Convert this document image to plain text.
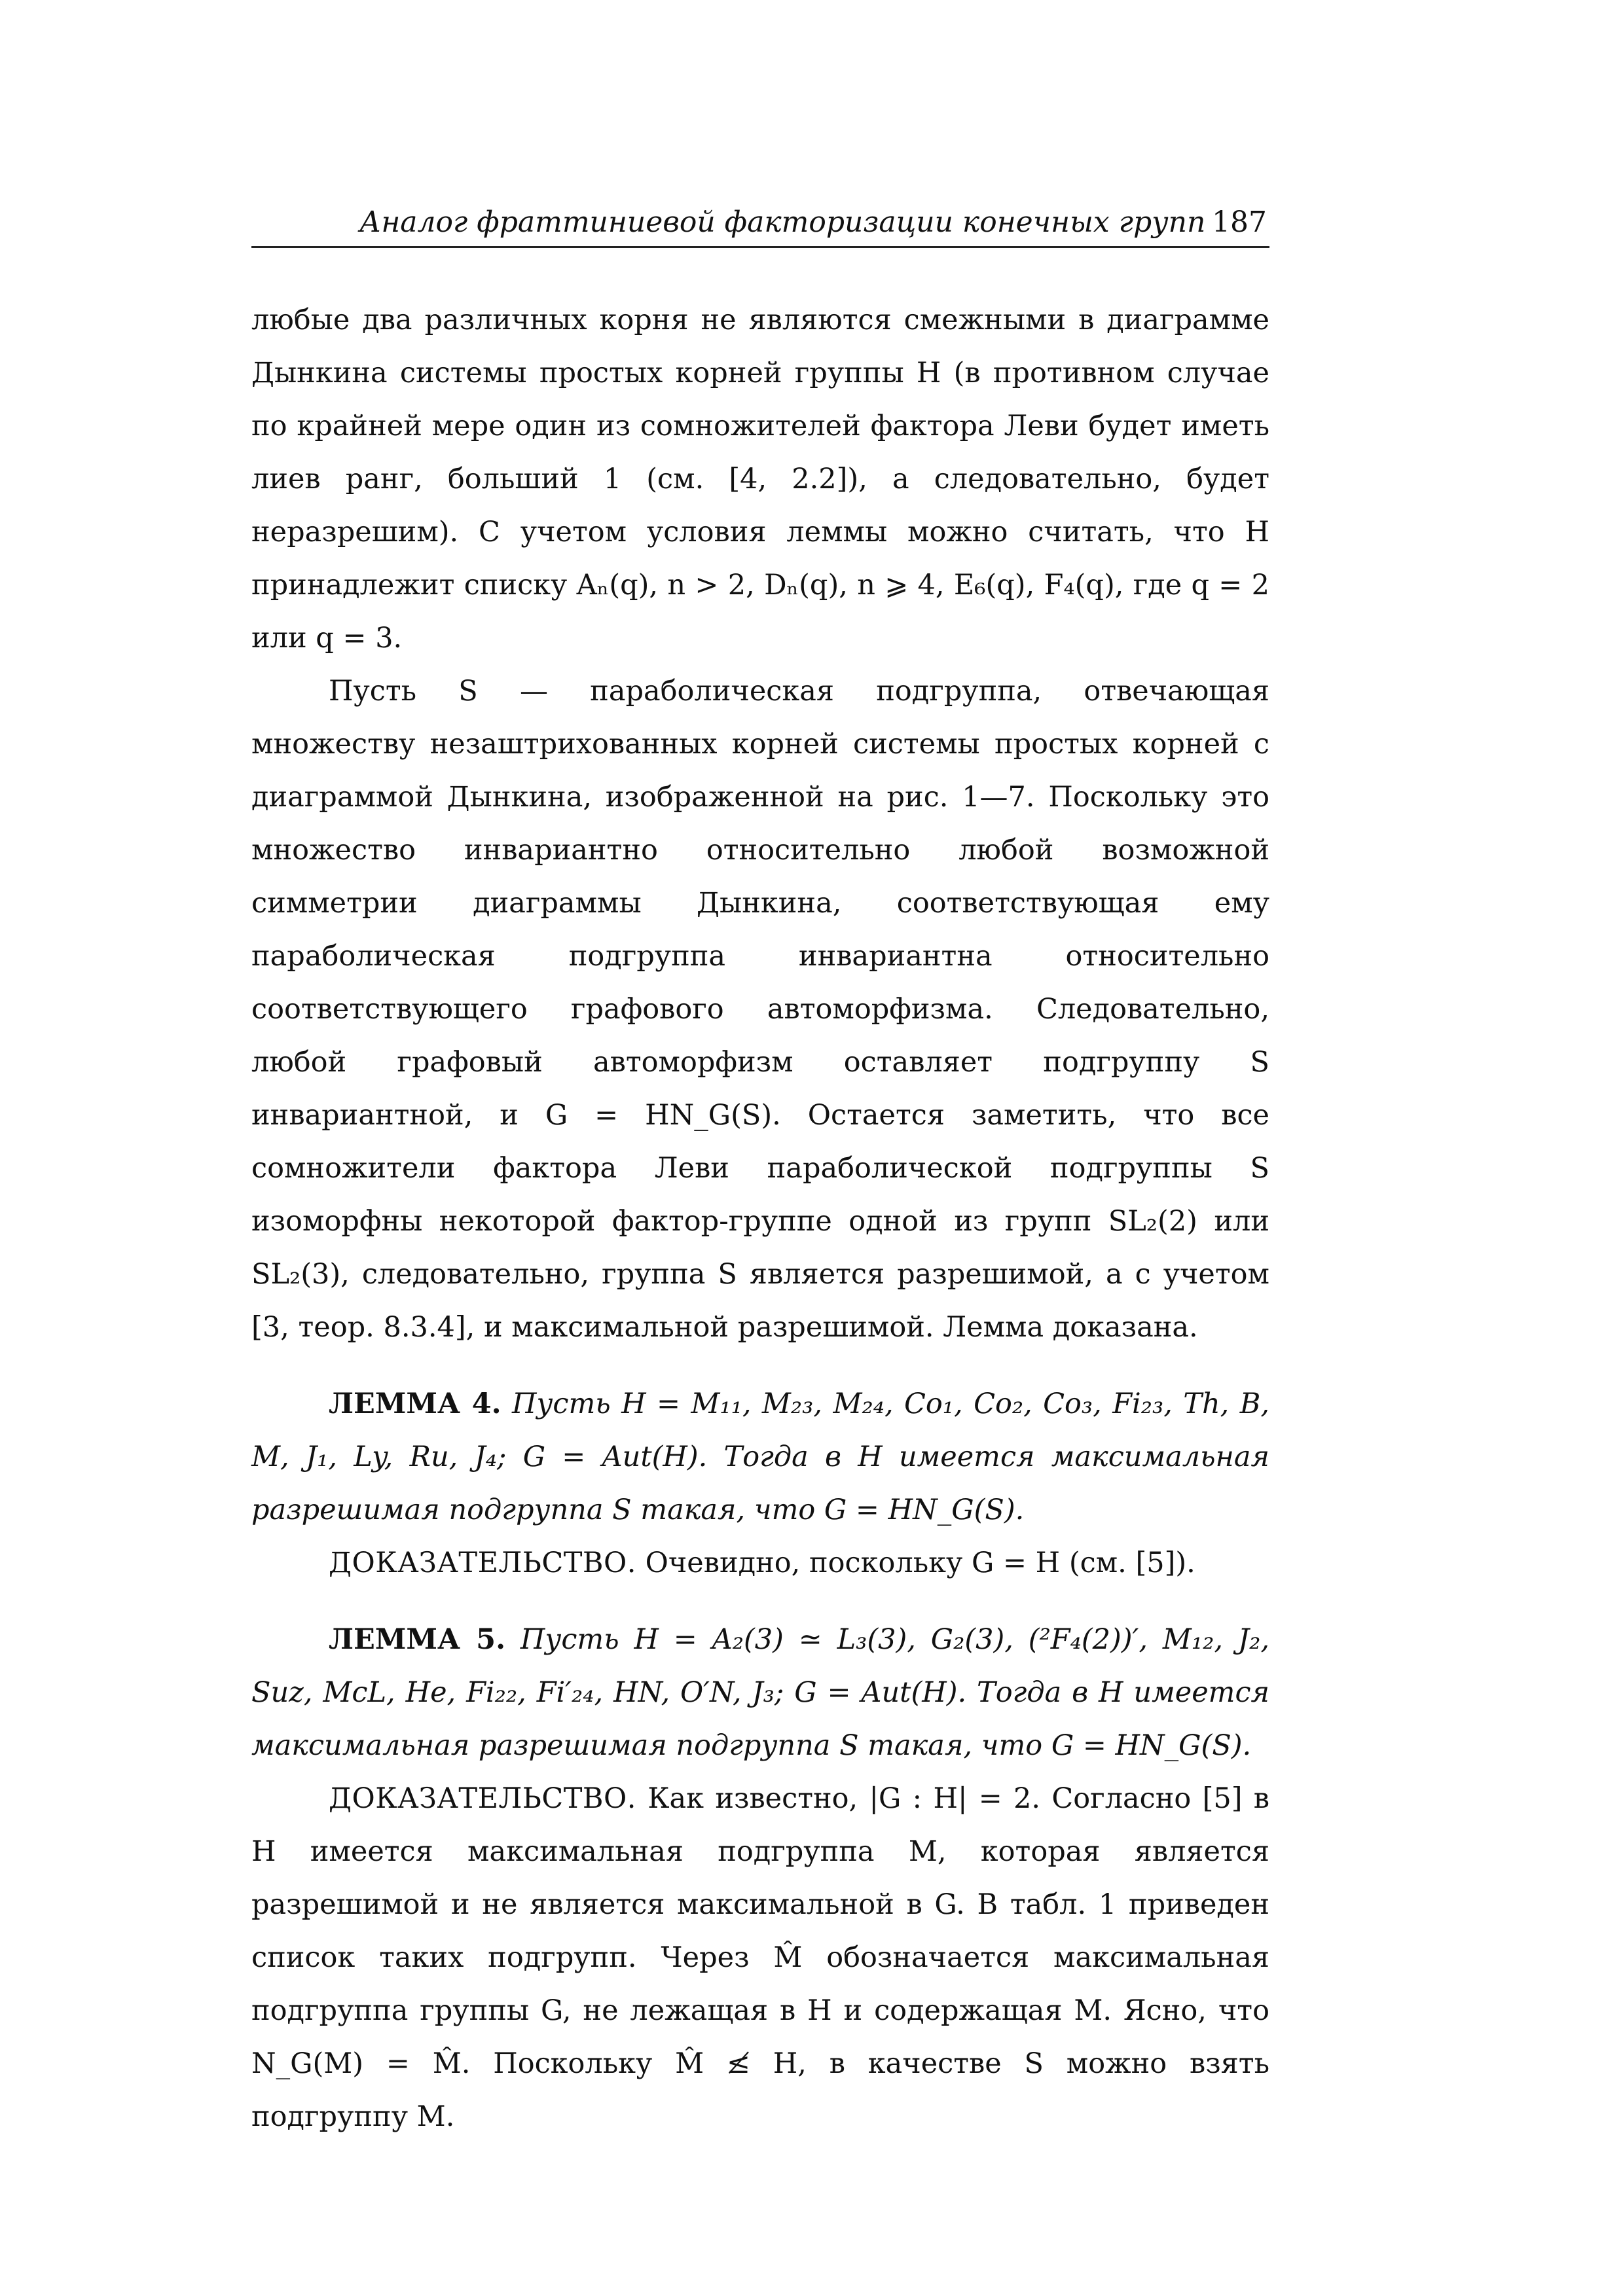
Аналог фраттиниевой факторизации конечных групп 187

любые два различных корня не являются смежными в диаграмме Дынкина системы простых корней группы H (в противном случае по крайней мере один из сомножителей фактора Леви будет иметь лиев ранг, больший 1 (см. [4, 2.2]), а следовательно, будет неразрешим). С учетом условия леммы можно считать, что H принадлежит списку Aₙ(q), n > 2, Dₙ(q), n ⩾ 4, E₆(q), F₄(q), где q = 2 или q = 3.

Пусть S — параболическая подгруппа, отвечающая множеству незаштрихованных корней системы простых корней с диаграммой Дынкина, изображенной на рис. 1—7. Поскольку это множество инвариантно относительно любой возможной симметрии диаграммы Дынкина, соответствующая ему параболическая подгруппа инвариантна относительно соответствующего графового автоморфизма. Следовательно, любой графовый автоморфизм оставляет подгруппу S инвариантной, и G = HN_G(S). Остается заметить, что все сомножители фактора Леви параболической подгруппы S изоморфны некоторой фактор-группе одной из групп SL₂(2) или SL₂(3), следовательно, группа S является разрешимой, а с учетом [3, теор. 8.3.4], и максимальной разрешимой. Лемма доказана.

ЛЕММА 4. Пусть H = M₁₁, M₂₃, M₂₄, Co₁, Co₂, Co₃, Fi₂₃, Th, B, M, J₁, Ly, Ru, J₄; G = Aut(H). Тогда в H имеется максимальная разрешимая подгруппа S такая, что G = HN_G(S).

ДОКАЗАТЕЛЬСТВО. Очевидно, поскольку G = H (см. [5]).

ЛЕММА 5. Пусть H = A₂(3) ≃ L₃(3), G₂(3), (²F₄(2))′, M₁₂, J₂, Suz, McL, He, Fi₂₂, Fi′₂₄, HN, O′N, J₃; G = Aut(H). Тогда в H имеется максимальная разрешимая подгруппа S такая, что G = HN_G(S).

ДОКАЗАТЕЛЬСТВО. Как известно, |G : H| = 2. Согласно [5] в H имеется максимальная подгруппа M, которая является разрешимой и не является максимальной в G. В табл. 1 приведен список таких подгрупп. Через M̂ обозначается максимальная подгруппа группы G, не лежащая в H и содержащая M. Ясно, что N_G(M) = M̂. Поскольку M̂ ≰ H, в качестве S можно взять подгруппу M.
